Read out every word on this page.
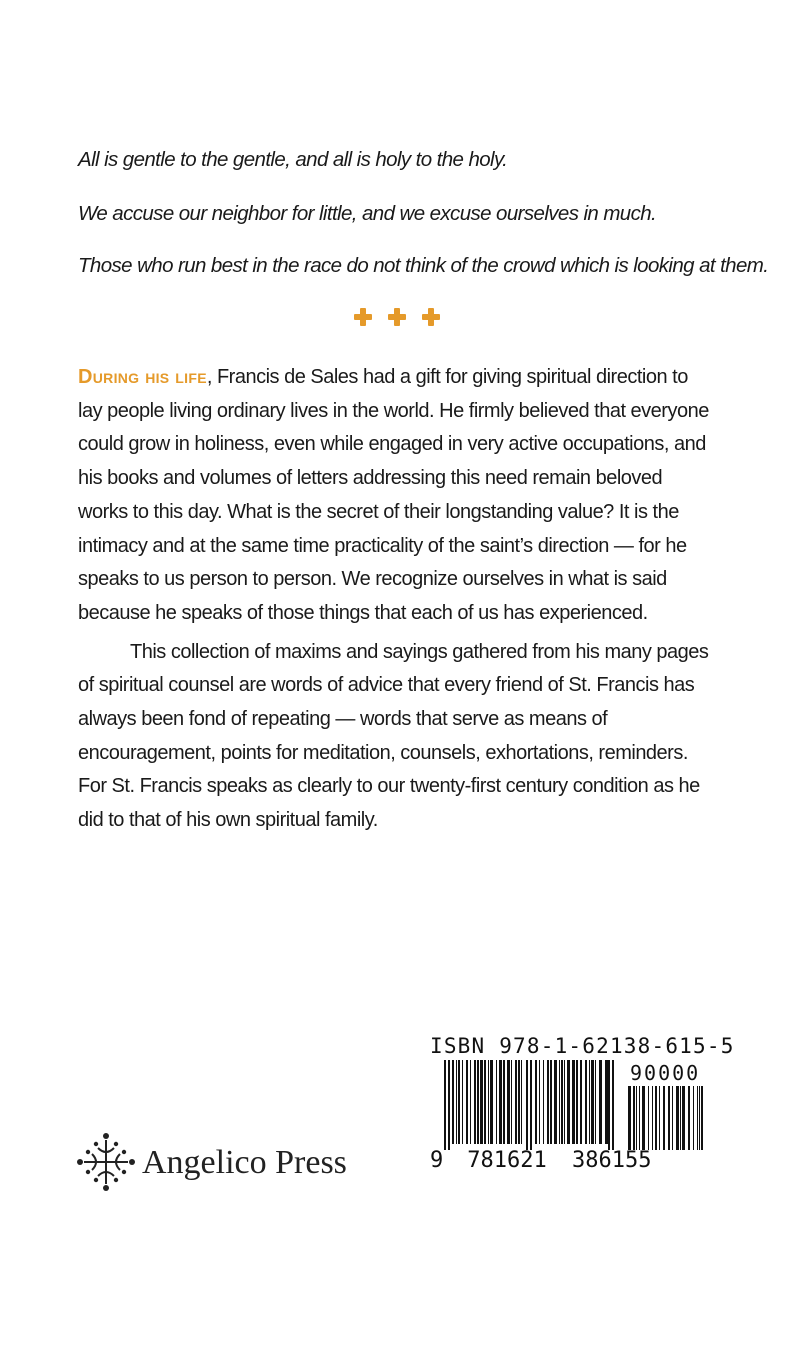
All is gentle to the gentle, and all is holy to the holy.
We accuse our neighbor for little, and we excuse ourselves in much.
Those who run best in the race do not think of the crowd which is looking at them.

During his life, Francis de Sales had a gift for giving spiritual direction to lay people living ordinary lives in the world. He firmly believed that everyone could grow in holiness, even while engaged in very active occupations, and his books and volumes of letters addressing this need remain beloved works to this day. What is the secret of their longstanding value? It is the intimacy and at the same time practicality of the saint’s direction — for he speaks to us person to person. We recognize ourselves in what is said because he speaks of those things that each of us has experienced.

This collection of maxims and sayings gathered from his many pages of spiritual counsel are words of advice that every friend of St. Francis has always been fond of repeating — words that serve as means of encouragement, points for meditation, counsels, exhortations, reminders. For St. Francis speaks as clearly to our twenty-first century condition as he did to that of his own spiritual family.

Angelico Press
ISBN 978-1-62138-615-5
90000
9 781621 386155
